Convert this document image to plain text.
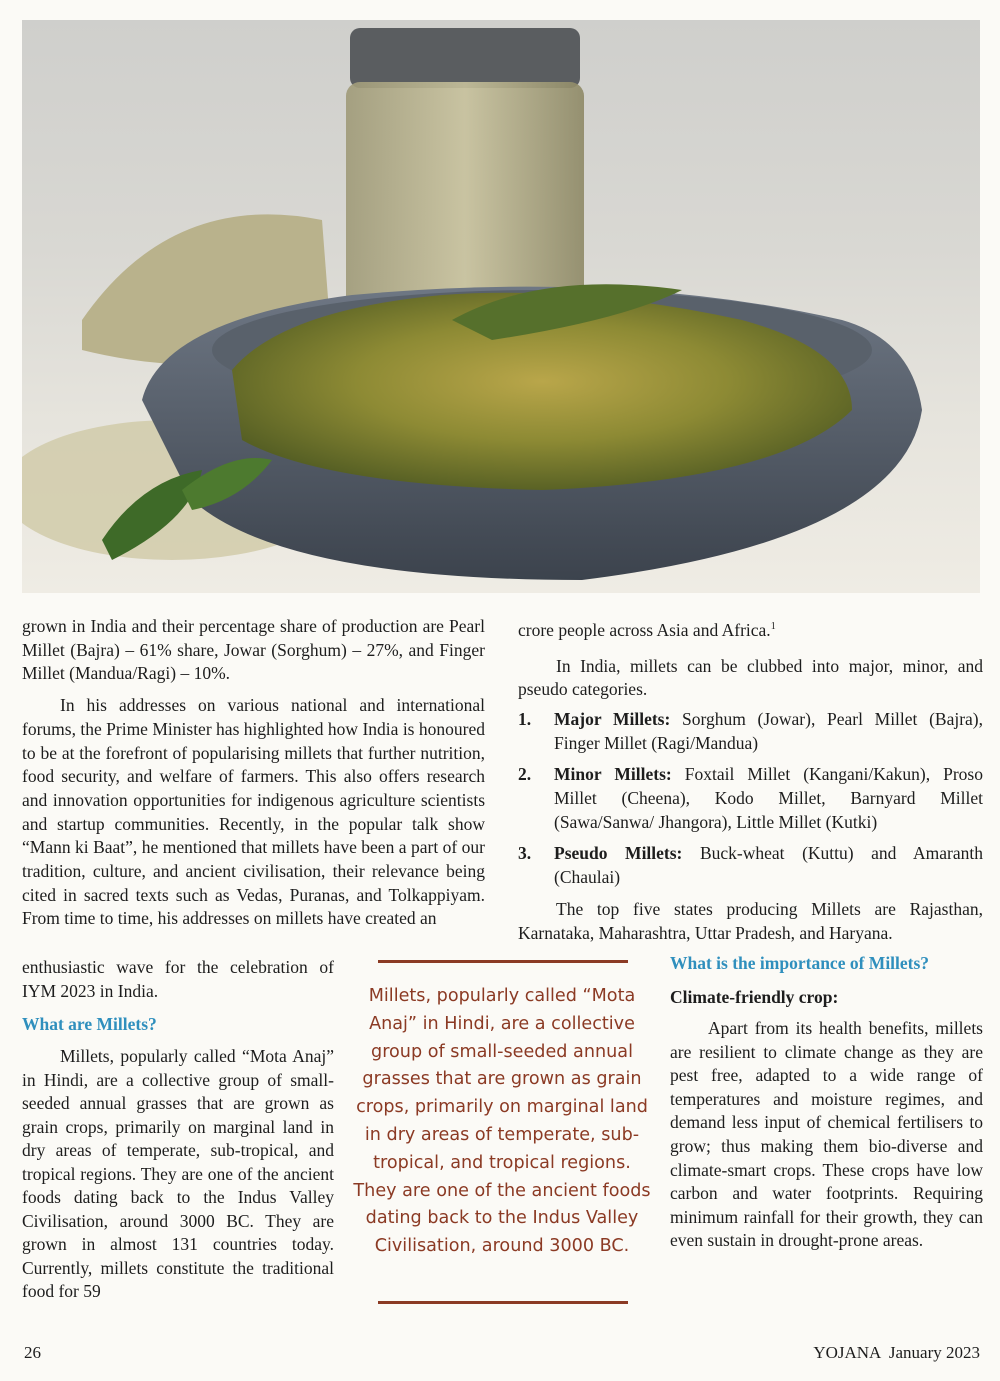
grown in India and their percentage share of production are Pearl Millet (Bajra) – 61% share, Jowar (Sorghum) – 27%, and Finger Millet (Mandua/Ragi) – 10%.

In his addresses on various national and international forums, the Prime Minister has highlighted how India is honoured to be at the forefront of popularising millets that further nutrition, food security, and welfare of farmers. This also offers research and innovation opportunities for indigenous agriculture scientists and startup communities. Recently, in the popular talk show “Mann ki Baat”, he mentioned that millets have been a part of our tradition, culture, and ancient civilisation, their relevance being cited in sacred texts such as Vedas, Puranas, and Tolkappiyam. From time to time, his addresses on millets have created an

enthusiastic wave for the celebration of IYM 2023 in India.
What are Millets?
Millets, popularly called “Mota Anaj” in Hindi, are a collective group of small-seeded annual grasses that are grown as grain crops, primarily on marginal land in dry areas of temperate, sub-tropical, and tropical regions. They are one of the ancient foods dating back to the Indus Valley Civilisation, around 3000 BC. They are grown in almost 131 countries today. Currently, millets constitute the traditional food for 59

crore people across Asia and Africa.$^1$

In India, millets can be clubbed into major, minor, and pseudo categories.

1.	Major Millets: Sorghum (Jowar), Pearl Millet (Bajra), Finger Millet (Ragi/Mandua)
2.	Minor Millets: Foxtail Millet (Kangani/Kakun), Proso Millet (Cheena), Kodo Millet, Barnyard Millet (Sawa/Sanwa/ Jhangora), Little Millet (Kutki)
3.	Pseudo Millets: Buck-wheat (Kuttu) and Amaranth (Chaulai)

The top five states producing Millets are Rajasthan, Karnataka, Maharashtra, Uttar Pradesh, and Haryana.

What is the importance of Millets?
Climate-friendly crop:
Apart from its health benefits, millets are resilient to climate change as they are pest free, adapted to a wide range of temperatures and moisture regimes, and demand less input of chemical fertilisers to grow; thus making them bio-diverse and climate-smart crops. These crops have low carbon and water footprints. Requiring minimum rainfall for their growth, they can even sustain in drought-prone areas.
Millets, popularly called “Mota Anaj” in Hindi, are a collective group of small-seeded annual grasses that are grown as grain crops, primarily on marginal land in dry areas of temperate, sub-tropical, and tropical regions. They are one of the ancient foods dating back to the Indus Valley Civilisation, around 3000 BC.
26	YOJANA  January 2023
